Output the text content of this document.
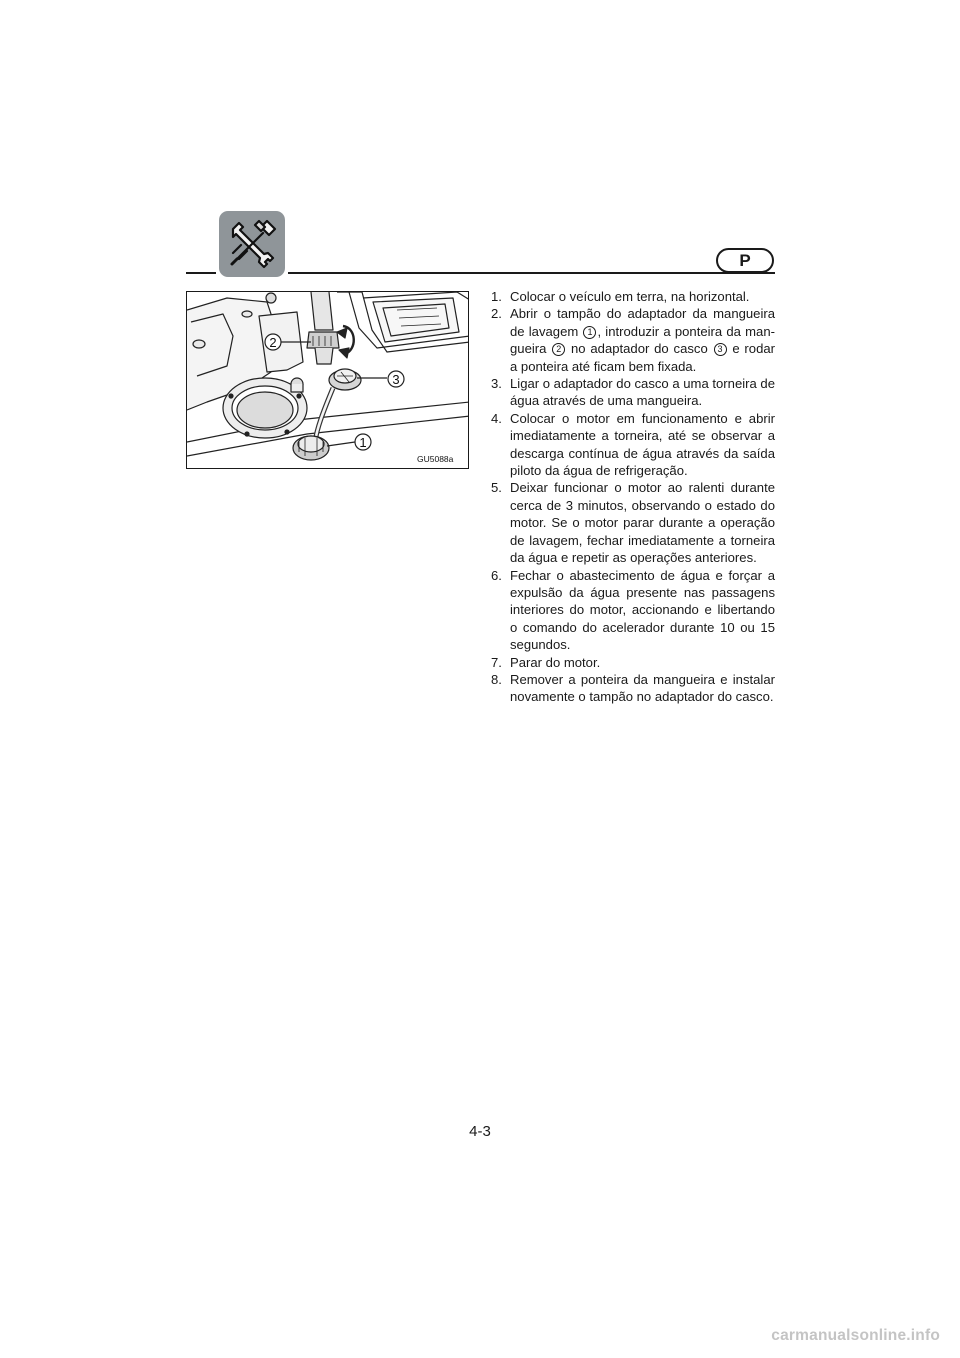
P
2
3
1
GU5088a
1. Colocar o veículo em terra, na horizontal.
2. Abrir o tampão do adaptador da mangueira de lavagem 1 , introduzir a ponteira da mangueira 2 no adaptador do casco 3 e rodar a ponteira até ficam bem fixada.
3. Ligar o adaptador do casco a uma torneira de água através de uma mangueira.
4. Colocar o motor em funcionamento e abrir imediatamente a torneira, até se observar a descarga contínua de água através da saída piloto da água de refrigeração.
5. Deixar funcionar o motor ao ralenti durante cerca de 3 minutos, observando o estado do motor. Se o motor parar durante a operação de lavagem, fechar imediatamente a torneira da água e repetir as operações anteriores.
6. Fechar o abastecimento de água e forçar a expulsão da água presente nas passagens interiores do motor, accionando e libertando o comando do acelerador durante 10 ou 15 segundos.
7. Parar do motor.
8. Remover a ponteira da mangueira e instalar novamente o tampão no adaptador do casco.
4-3
carmanualsonline.info
